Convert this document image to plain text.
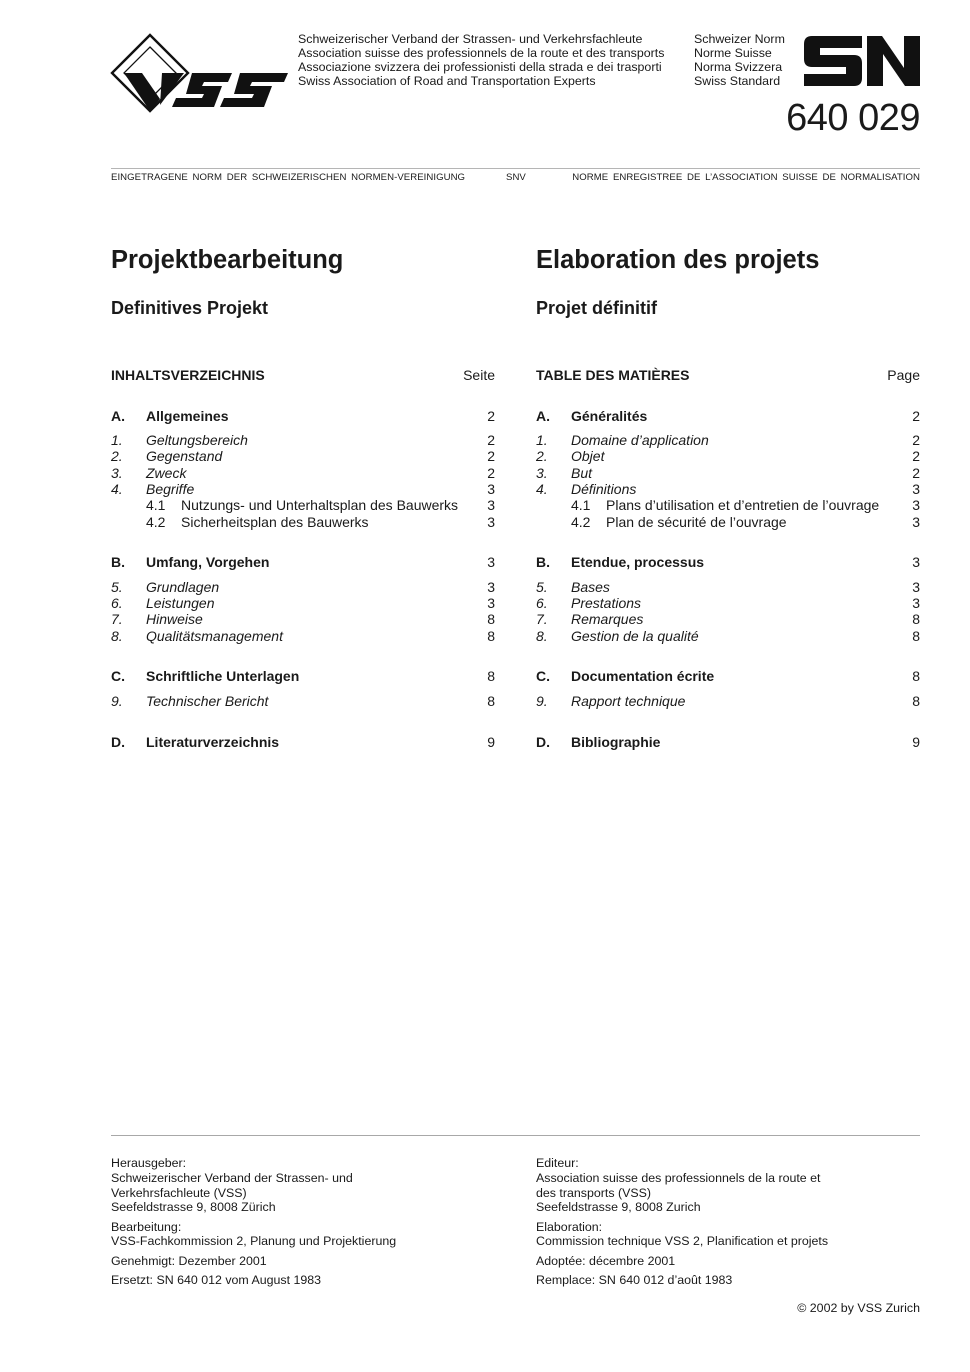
Schweizerischer Verband der Strassen- und Verkehrsfachleute
Association suisse des professionnels de la route et des transports
Associazione svizzera dei professionisti della strada e dei trasporti
Swiss Association of Road and Transportation Experts
Schweizer Norm
Norme Suisse
Norma Svizzera
Swiss Standard
640 029
EINGETRAGENE NORM DER SCHWEIZERISCHEN NORMEN-VEREINIGUNG	SNV	NORME ENREGISTREE DE L’ASSOCIATION SUISSE DE NORMALISATION
Projektbearbeitung
Definitives Projekt
INHALTSVERZEICHNIS	Seite
A. Allgemeines	2
1. Geltungsbereich	2
2. Gegenstand	2
3. Zweck	2
4. Begriffe	3
4.1 Nutzungs- und Unterhaltsplan des Bauwerks 3
4.2 Sicherheitsplan des Bauwerks	3
B. Umfang, Vorgehen	3
5. Grundlagen	3
6. Leistungen	3
7. Hinweise	8
8. Qualitätsmanagement	8
C. Schriftliche Unterlagen	8
9. Technischer Bericht	8
D. Literaturverzeichnis	9
Elaboration des projets
Projet définitif
TABLE DES MATIÈRES	Page
A. Généralités	2
1. Domaine d’application	2
2. Objet	2
3. But	2
4. Définitions	3
4.1 Plans d’utilisation et d’entretien de l’ouvrage 3
4.2 Plan de sécurité de l’ouvrage	3
B. Etendue, processus	3
5. Bases	3
6. Prestations	3
7. Remarques	8
8. Gestion de la qualité	8
C. Documentation écrite	8
9. Rapport technique	8
D. Bibliographie	9
Herausgeber:
Schweizerischer Verband der Strassen- und
Verkehrsfachleute (VSS)
Seefeldstrasse 9, 8008 Zürich
Bearbeitung:
VSS-Fachkommission 2, Planung und Projektierung
Genehmigt: Dezember 2001
Ersetzt: SN 640 012 vom August 1983
Editeur:
Association suisse des professionnels de la route et
des transports (VSS)
Seefeldstrasse 9, 8008 Zurich
Elaboration:
Commission technique VSS 2, Planification et projets
Adoptée: décembre 2001
Remplace: SN 640 012 d’août 1983
© 2002 by VSS Zurich
